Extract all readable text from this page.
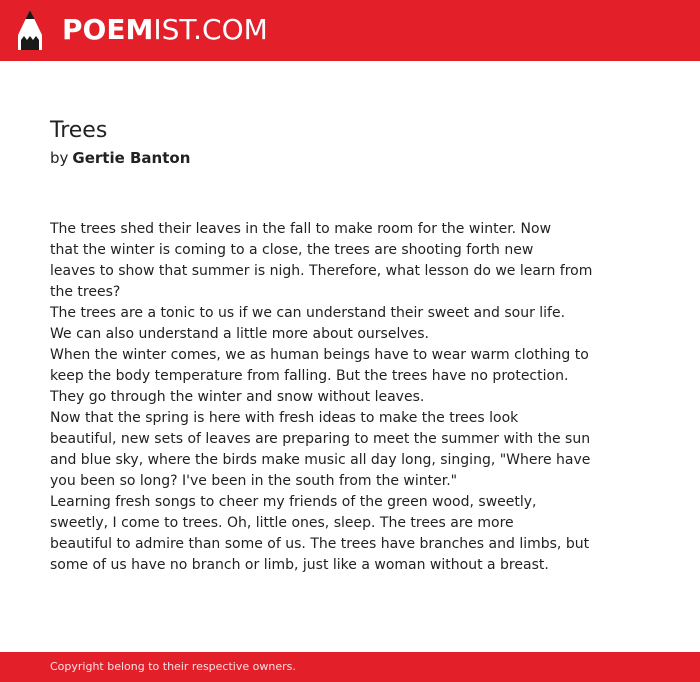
POEMIST.COM
Trees
by Gertie Banton
The trees shed their leaves in the fall to make room for the winter. Now
that the winter is coming to a close, the trees are shooting forth new
leaves to show that summer is nigh. Therefore, what lesson do we learn from
the trees?
The trees are a tonic to us if we can understand their sweet and sour life.
We can also understand a little more about ourselves.
When the winter comes, we as human beings have to wear warm clothing to
keep the body temperature from falling. But the trees have no protection.
They go through the winter and snow without leaves.
Now that the spring is here with fresh ideas to make the trees look
beautiful, new sets of leaves are preparing to meet the summer with the sun
and blue sky, where the birds make music all day long, singing, "Where have
you been so long? I've been in the south from the winter."
Learning fresh songs to cheer my friends of the green wood, sweetly,
sweetly, I come to trees. Oh, little ones, sleep. The trees are more
beautiful to admire than some of us. The trees have branches and limbs, but
some of us have no branch or limb, just like a woman without a breast.
Copyright belong to their respective owners.
